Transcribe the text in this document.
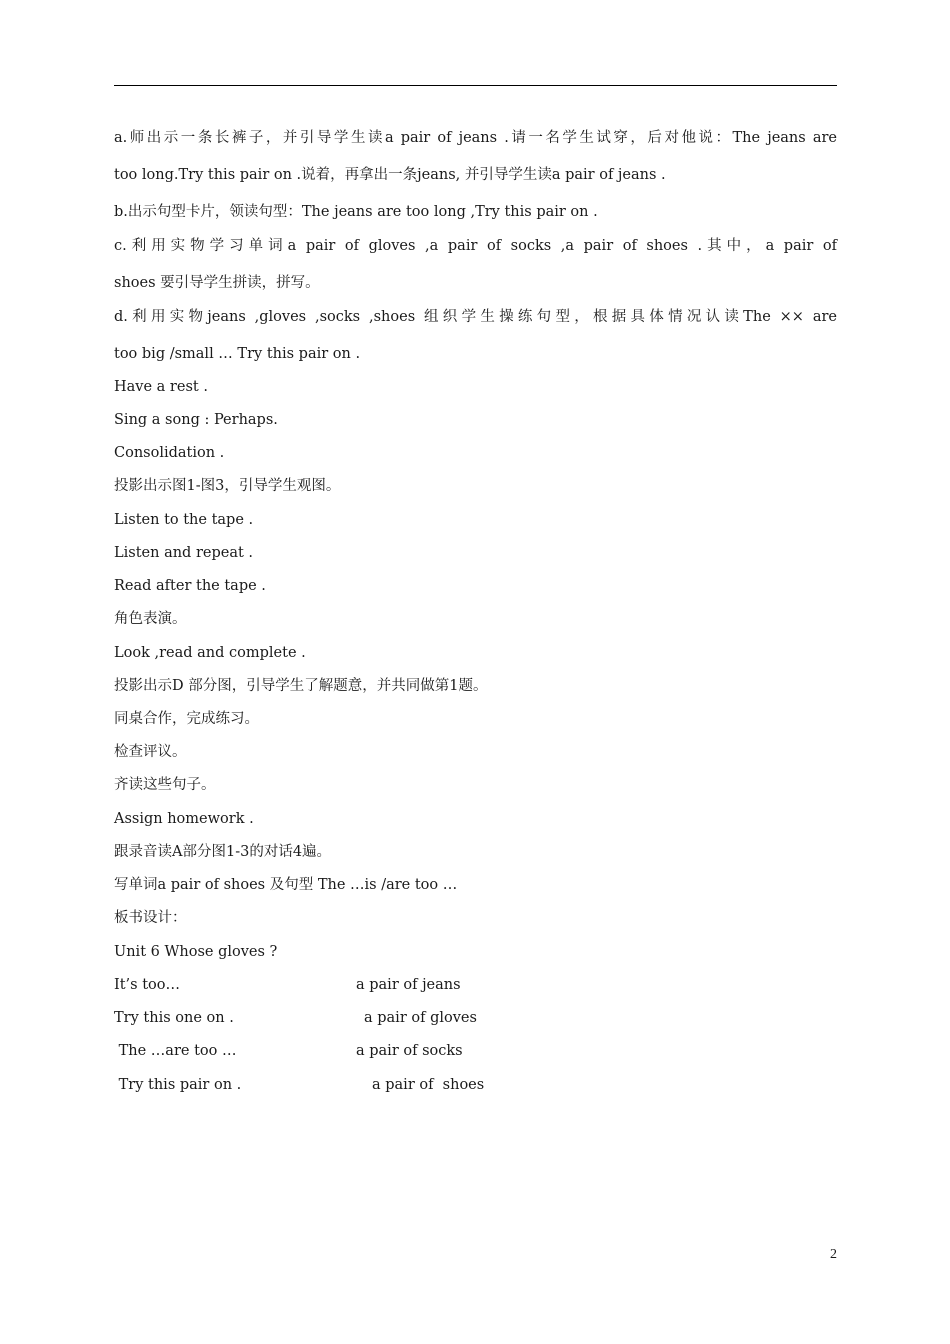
a.师出示一条长裤子，并引导学生读a pair of jeans .请一名学生试穿，后对他说：The jeans are
too long.Try this pair on .说着，再拿出一条jeans, 并引导学生读a pair of jeans .
b.出示句型卡片，领读句型：The jeans are too long ,Try this pair on .
c.利用实物学习单词a pair of gloves ,a pair of socks ,a pair of shoes .其中，a pair of
shoes 要引导学生拼读，拼写。
d.利用实物jeans ,gloves ,socks ,shoes 组织学生操练句型，根据具体情况认读The ×× are
too big /small … Try this pair on .
Have a rest .
Sing a song : Perhaps.
Consolidation .
投影出示图1-图3，引导学生观图。
Listen to the tape .
Listen and repeat .
Read after the tape .
角色表演。
Look ,read and complete .
投影出示D 部分图，引导学生了解题意，并共同做第1题。
同桌合作，完成练习。
检查评议。
齐读这些句子。
Assign homework .
跟录音读A部分图1-3的对话4遍。
写单词a pair of shoes 及句型 The …is /are too …
板书设计：
Unit 6 Whose gloves ?
It’s too…	a pair of jeans
Try this one on .	a pair of gloves
The …are too …	a pair of socks
Try this pair on .	a pair of  shoes
2
